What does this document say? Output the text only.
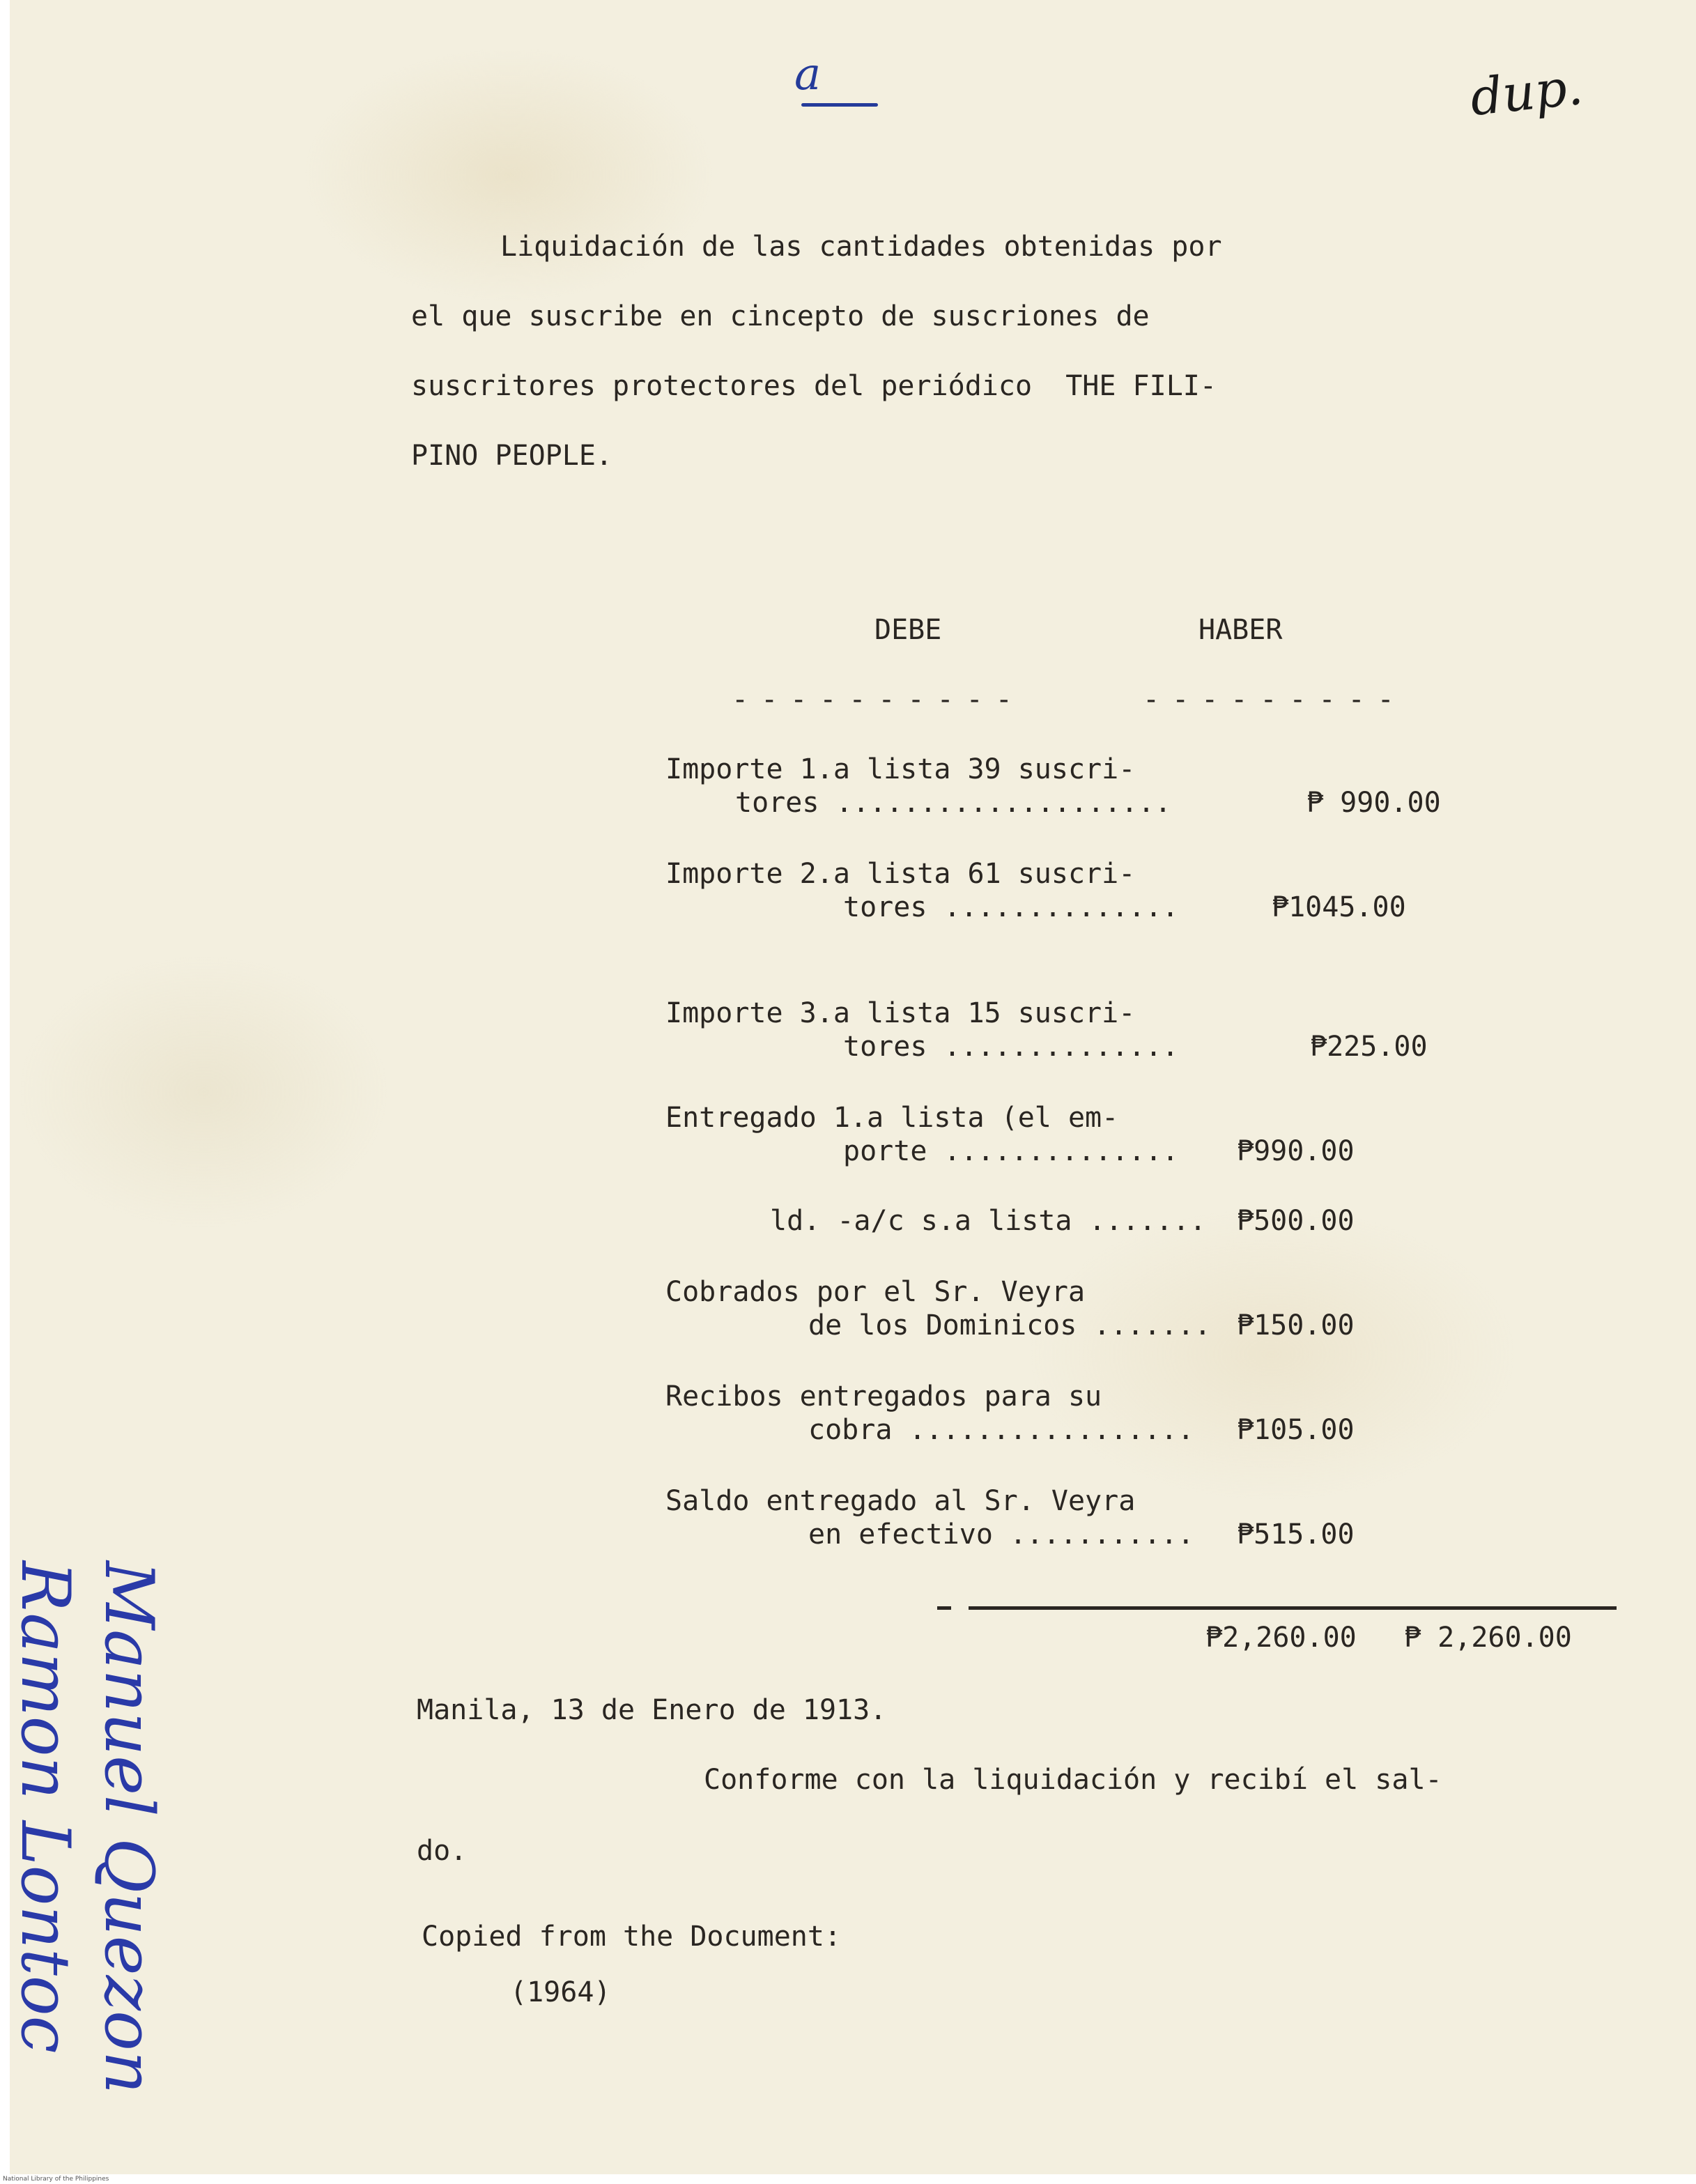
a	dup.
Liquidación de las cantidades obtenidas por
el que suscribe en cincepto de suscriones de
suscritores protectores del periódico  THE FILI-
PINO PEOPLE.
DEBE	HABER
----------	---------
Importe 1.a lista 39 suscri-
tores ....................	₱ 990.00
Importe 2.a lista 61 suscri-
tores ..............	₱1045.00
Importe 3.a lista 15 suscri-
tores ..............	₱225.00
Entregado 1.a lista (el em-
porte .............. ₱990.00
ld. -a/c s.a lista ....... ₱500.00
Cobrados por el Sr. Veyra
de los Dominicos ....... ₱150.00
Recibos entregados para su
cobra ................. ₱105.00
Saldo entregado al Sr. Veyra
en efectivo ........... ₱515.00
₱2,260.00 ₱ 2,260.00
Manila, 13 de Enero de 1913.
Conforme con la liquidación y recibí el sal-
do.
Copied from the Document:
(1964)
Manuel Quezon
Ramon Lontoc
National Library of the Philippines
